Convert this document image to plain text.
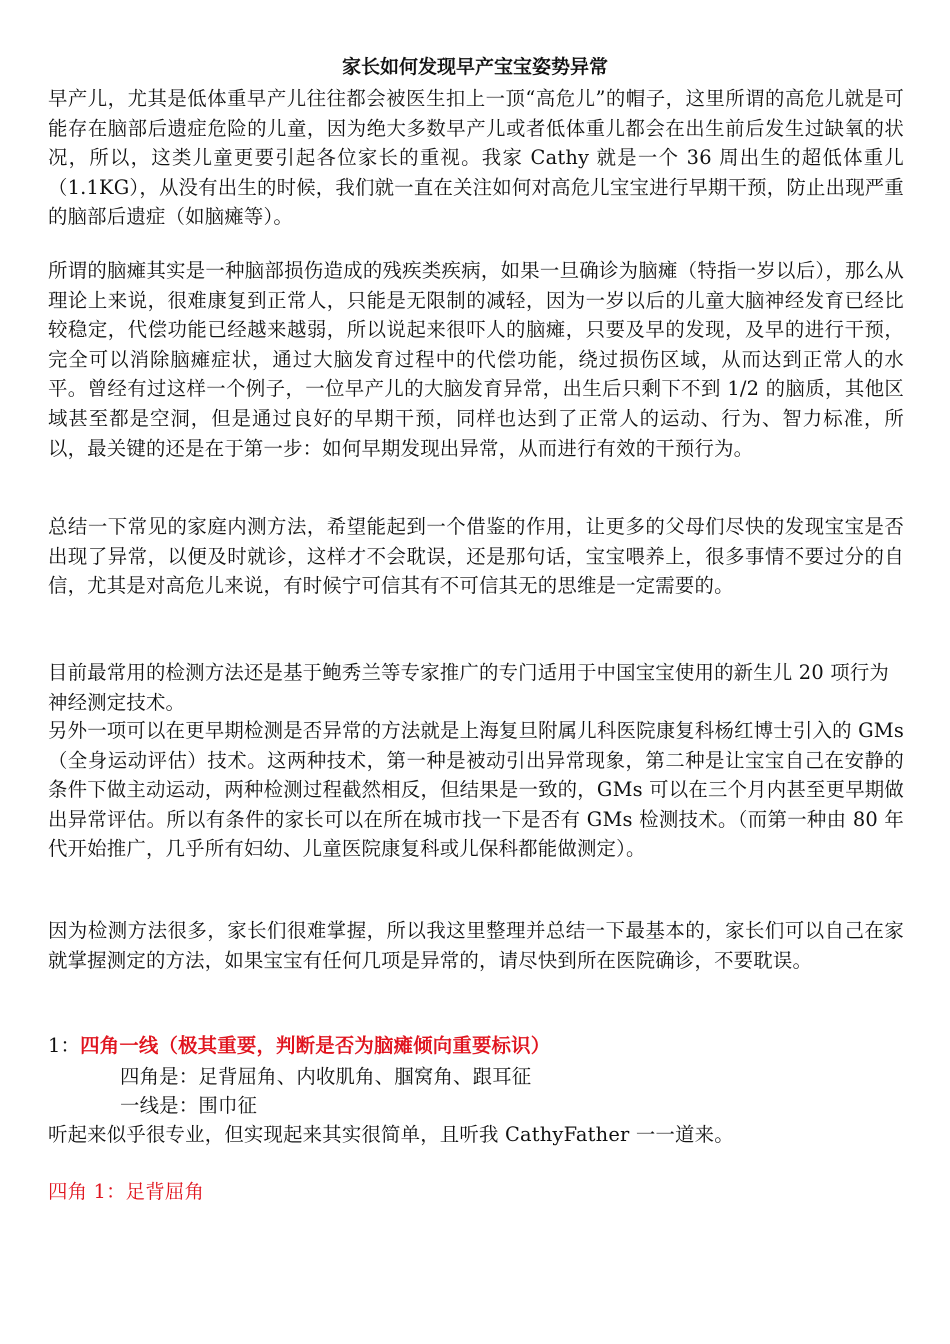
家长如何发现早产宝宝姿势异常
早产儿，尤其是低体重早产儿往往都会被医生扣上一顶“高危儿”的帽子，这里所谓的高危儿就是可能存在脑部后遗症危险的儿童，因为绝大多数早产儿或者低体重儿都会在出生前后发生过缺氧的状况，所以，这类儿童更要引起各位家长的重视。我家 Cathy 就是一个 36 周出生的超低体重儿（1.1KG），从没有出生的时候，我们就一直在关注如何对高危儿宝宝进行早期干预，防止出现严重的脑部后遗症（如脑瘫等）。
所谓的脑瘫其实是一种脑部损伤造成的残疾类疾病，如果一旦确诊为脑瘫（特指一岁以后），那么从理论上来说，很难康复到正常人，只能是无限制的减轻，因为一岁以后的儿童大脑神经发育已经比较稳定，代偿功能已经越来越弱，所以说起来很吓人的脑瘫，只要及早的发现，及早的进行干预，完全可以消除脑瘫症状，通过大脑发育过程中的代偿功能，绕过损伤区域，从而达到正常人的水平。曾经有过这样一个例子，一位早产儿的大脑发育异常，出生后只剩下不到 1/2 的脑质，其他区域甚至都是空洞，但是通过良好的早期干预，同样也达到了正常人的运动、行为、智力标准，所以，最关键的还是在于第一步：如何早期发现出异常，从而进行有效的干预行为。
总结一下常见的家庭内测方法，希望能起到一个借鉴的作用，让更多的父母们尽快的发现宝宝是否出现了异常，以便及时就诊，这样才不会耽误，还是那句话，宝宝喂养上，很多事情不要过分的自信，尤其是对高危儿来说，有时候宁可信其有不可信其无的思维是一定需要的。
目前最常用的检测方法还是基于鲍秀兰等专家推广的专门适用于中国宝宝使用的新生儿 20 项行为神经测定技术。
另外一项可以在更早期检测是否异常的方法就是上海复旦附属儿科医院康复科杨红博士引入的 GMs（全身运动评估）技术。这两种技术，第一种是被动引出异常现象，第二种是让宝宝自己在安静的条件下做主动运动，两种检测过程截然相反，但结果是一致的，GMs 可以在三个月内甚至更早期做出异常评估。所以有条件的家长可以在所在城市找一下是否有 GMs 检测技术。（而第一种由 80 年代开始推广，几乎所有妇幼、儿童医院康复科或儿保科都能做测定）。
因为检测方法很多，家长们很难掌握，所以我这里整理并总结一下最基本的，家长们可以自己在家就掌握测定的方法，如果宝宝有任何几项是异常的，请尽快到所在医院确诊，不要耽误。
1：四角一线（极其重要，判断是否为脑瘫倾向重要标识）
四角是：足背屈角、内收肌角、腘窝角、跟耳征
一线是：围巾征
听起来似乎很专业，但实现起来其实很简单，且听我 CathyFather 一一道来。
四角 1：足背屈角
